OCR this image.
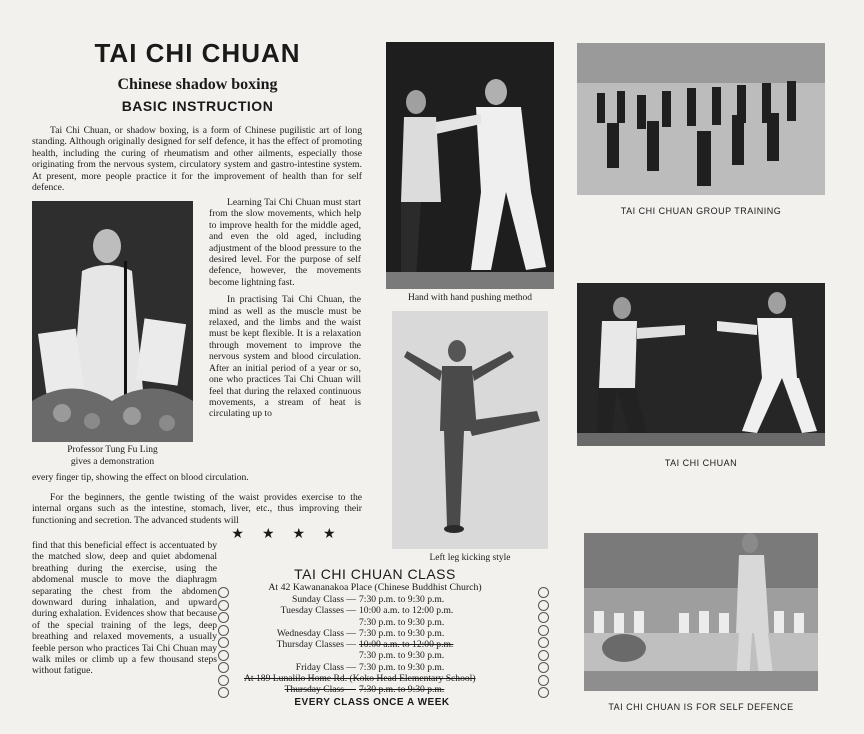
TAI CHI CHUAN
Chinese shadow boxing
BASIC INSTRUCTION

Tai Chi Chuan, or shadow boxing, is a form of Chinese pugilistic art of long standing. Although originally designed for self defence, it has the effect of promoting health, including the curing of rheumatism and other ailments, especially those originating from the nervous system, circulatory system and gastro-intestine system. At present, more people practice it for the improvement of health than for self defence.

Professor Tung Fu Ling
gives a demonstration

Learning Tai Chi Chuan must start from the slow movements, which help to improve health for the middle aged, and even the old aged, including adjustment of the blood pressure to the desired level. For the purpose of self defence, however, the movements become lightning fast.

In practising Tai Chi Chuan, the mind as well as the muscle must be relaxed, and the limbs and the waist must be kept flexible. It is a relaxation through movement to improve the nervous system and blood circulation. After an initial period of a year or so, one who practices Tai Chi Chuan will feel that during the relaxed continuous movements, a stream of heat is circulating up to

every finger tip, showing the effect on blood circulation.

For the beginners, the gentle twisting of the waist provides exercise to the internal organs such as the intestine, stomach, liver, etc., thus improving their functioning and secretion. The advanced students will

★★★★

find that this beneficial effect is accentuated by the matched slow, deep and quiet abdomenal breathing during the exercise, using the abdomenal muscle to move the diaphragm separating the chest from the abdomen downward during inhalation, and upward during exhalation. Evidences show that because of the special training of the legs, deep breathing and relaxed movements, a usually feeble person who practices Tai Chi Chuan may walk miles or climb up a few thousand steps without fatigue.

Hand with hand pushing method
Left leg kicking style
TAI CHI CHUAN GROUP TRAINING
TAI CHI CHUAN
TAI CHI CHUAN IS FOR SELF DEFENCE
TAI CHI CHUAN CLASS
At 42 Kawananakoa Place (Chinese Buddhist Church)
Sunday Class — 7:30 p.m. to 9:30 p.m.
Tuesday Classes — 10:00 a.m. to 12:00 p.m.
7:30 p.m. to 9:30 p.m.
Wednesday Class — 7:30 p.m. to 9:30 p.m.
Thursday Classes — 10:00 a.m. to 12:00 p.m.
7:30 p.m. to 9:30 p.m.
Friday Class — 7:30 p.m. to 9:30 p.m.
At 189 Lunalilo Home Rd. (Koko Head Elementary School)
Thursday Class — 7:30 p.m. to 9:30 p.m.
EVERY CLASS ONCE A WEEK
